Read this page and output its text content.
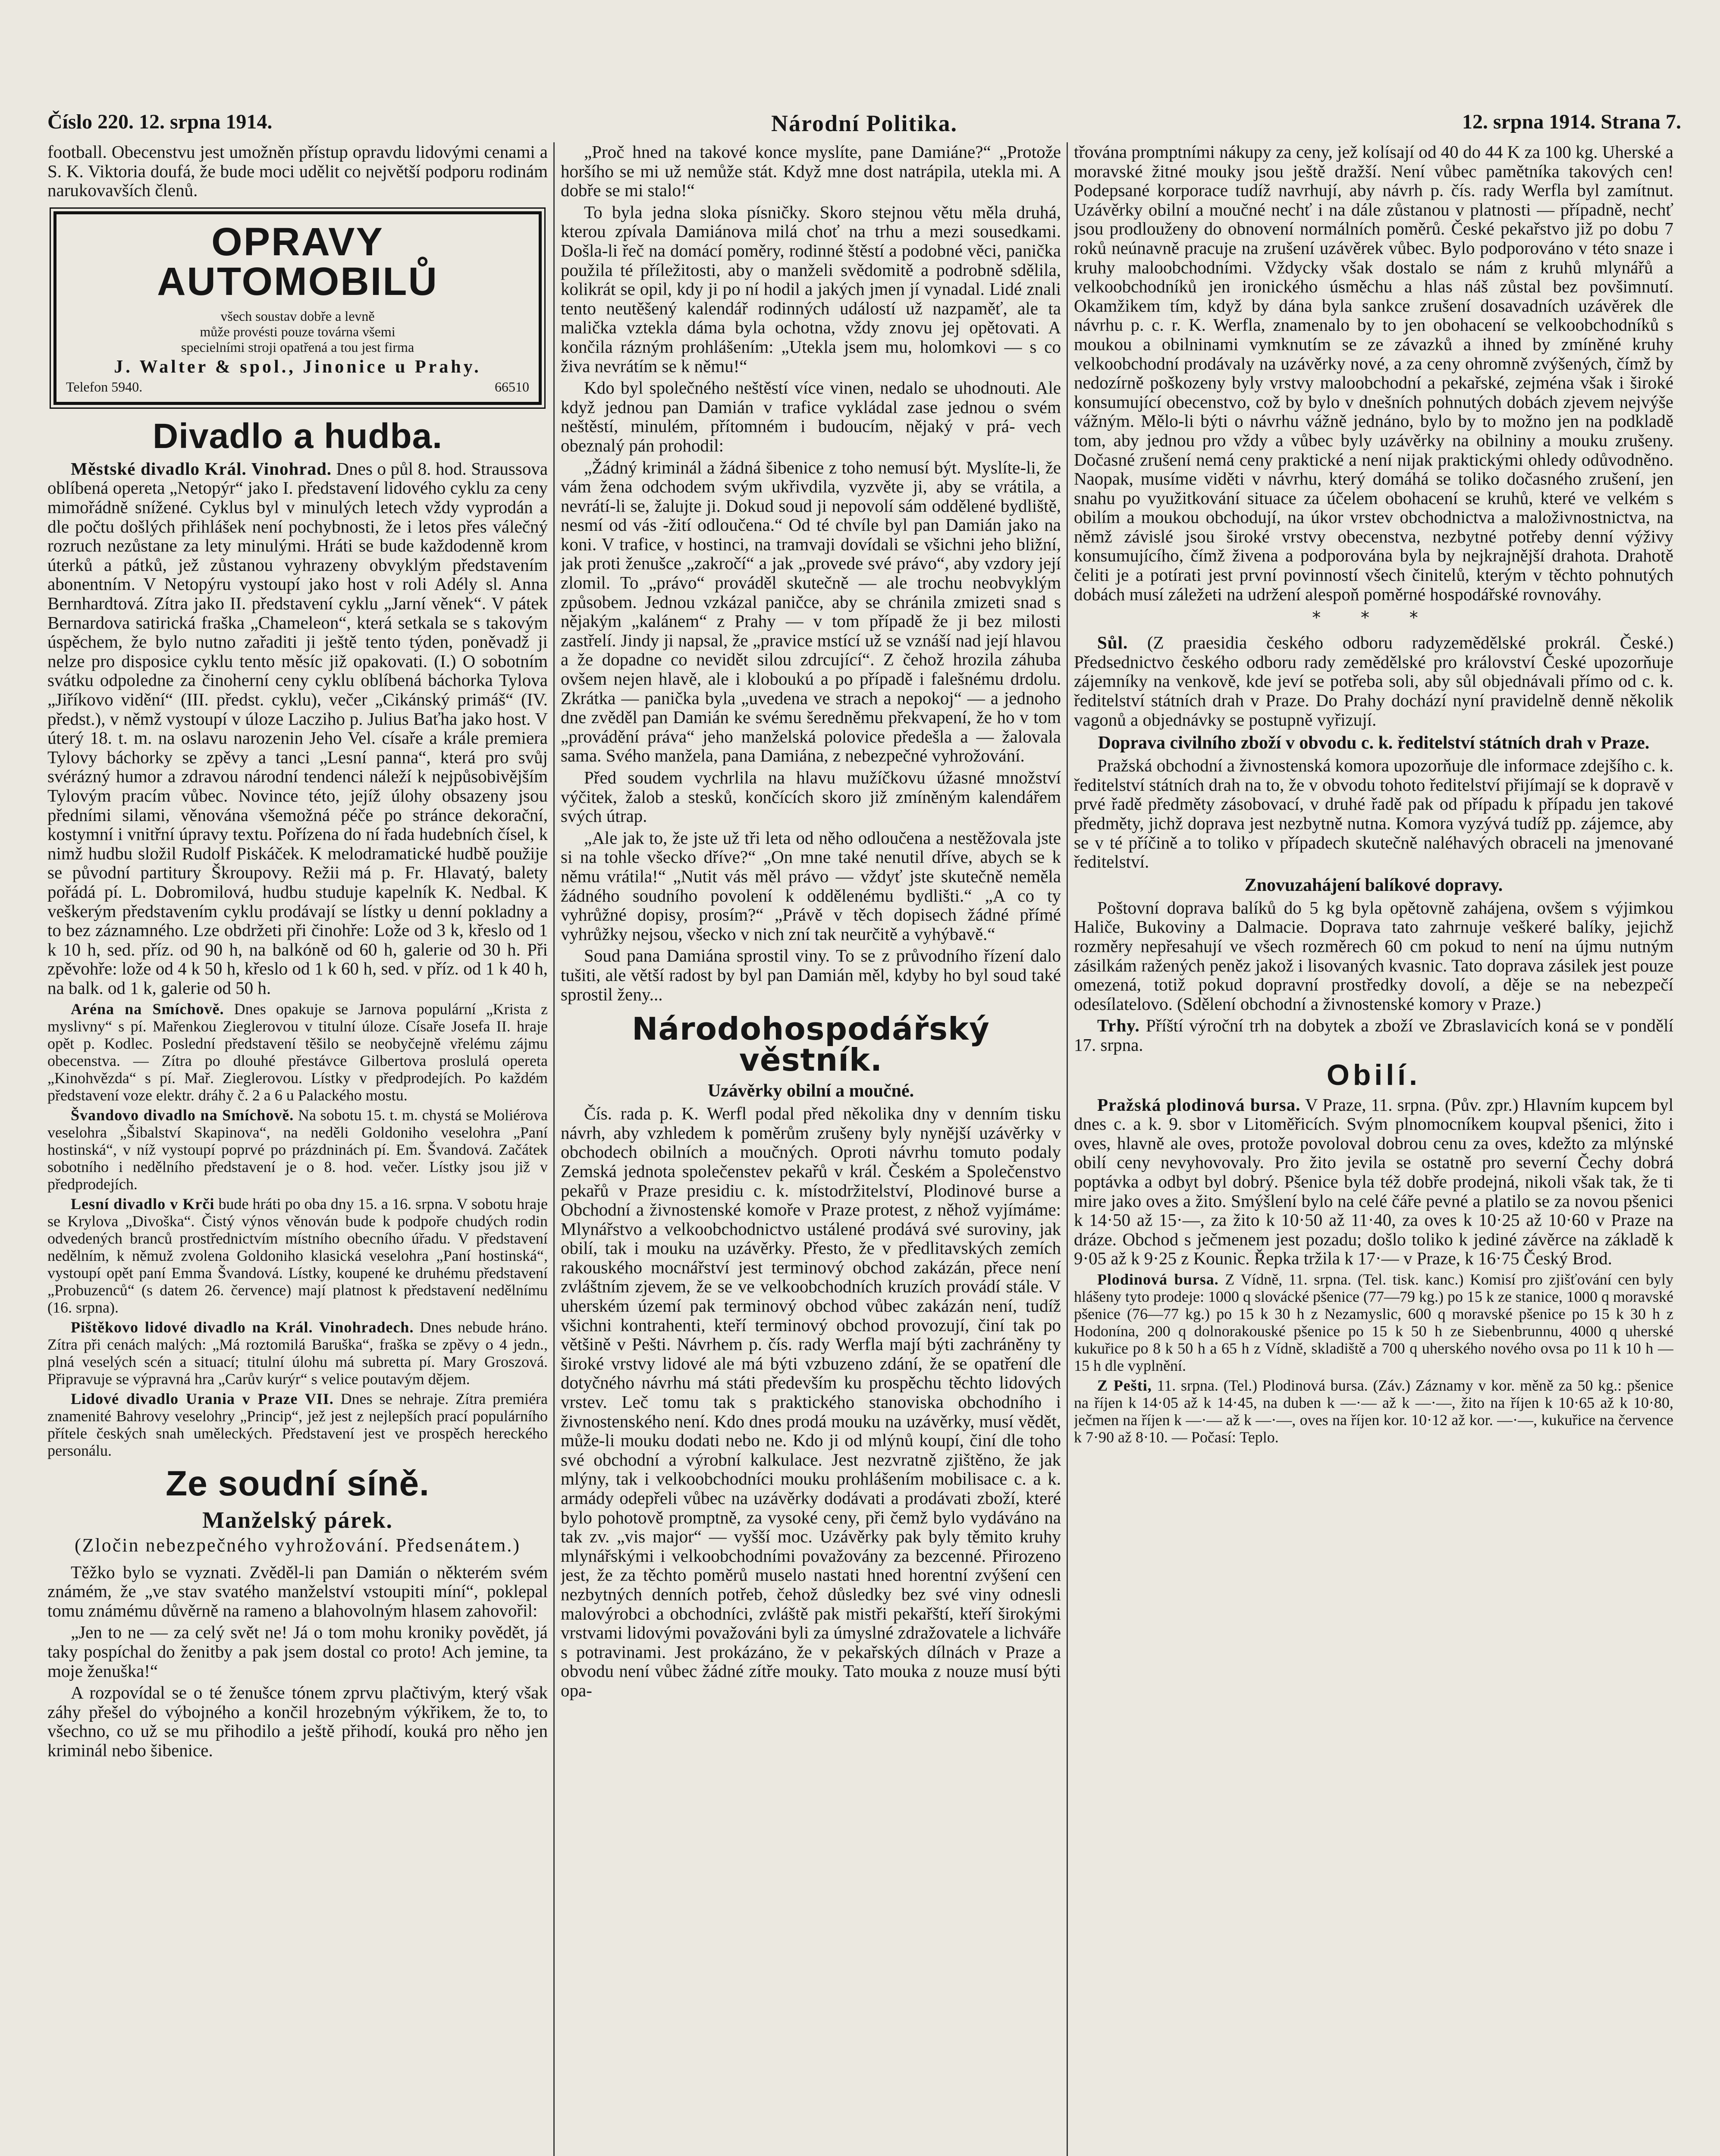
Číslo 220. 12. srpna 1914.	Národní Politika.	12. srpna 1914. Strana 7.

football. Obecenstvu jest umožněn přístup opravdu lidovými cenami a S. K. Viktoria doufá, že bude moci udělit co největší podporu rodinám narukovavších členů.

OPRAVY AUTOMOBILŮ
všech soustav dobře a levně
může provésti pouze továrna všemi
specielními stroji opatřená a tou jest firma
J. Walter & spol., Jinonice u Prahy.
Telefon 5940.	66510
Divadlo a hudba.

Městské divadlo Král. Vinohrad. Dnes o půl 8. hod. Straussova oblíbená opereta „Netopýr“ jako I. představení lidového cyklu za ceny mimořádně snížené. Cyklus byl v minulých letech vždy vyprodán a dle počtu došlých přihlášek není pochybnosti, že i letos přes válečný rozruch nezůstane za lety minulými. Hráti se bude každodenně krom úterků a pátků, jež zůstanou vyhrazeny obvyklým představením abonentním. V Netopýru vystoupí jako host v roli Adély sl. Anna Bernhardtová. Zítra jako II. představení cyklu „Jarní věnek“. V pátek Bernardova satirická fraška „Chameleon“, která setkala se s takovým úspěchem, že bylo nutno zařaditi ji ještě tento týden, poněvadž ji nelze pro disposice cyklu tento měsíc již opakovati. (I.) O sobotním svátku odpoledne za činoherní ceny cyklu oblíbená báchorka Tylova „Jiříkovo vidění“ (III. předst. cyklu), večer „Cikánský primáš“ (IV. předst.), v němž vystoupí v úloze Lacziho p. Julius Baťha jako host. V úterý 18. t. m. na oslavu narozenin Jeho Vel. císaře a krále premiera Tylovy báchorky se zpěvy a tanci „Lesní panna“, která pro svůj svérázný humor a zdravou národní tendenci náleží k nejpůsobivějším Tylovým pracím vůbec. Novince této, jejíž úlohy obsazeny jsou předními silami, věnována všemožná péče po stránce dekorační, kostymní i vnitřní úpravy textu. Pořízena do ní řada hudebních čísel, k nimž hudbu složil Rudolf Piskáček. K melodramatické hudbě použije se původní partitury Škroupovy. Režii má p. Fr. Hlavatý, balety pořádá pí. L. Dobromilová, hudbu studuje kapelník K. Nedbal. K veškerým představením cyklu prodávají se lístky u denní pokladny a to bez záznamného. Lze obdržeti při činohře: Lože od 3 k, křeslo od 1 k 10 h, sed. příz. od 90 h, na balkóně od 60 h, galerie od 30 h. Při zpěvohře: lože od 4 k 50 h, křeslo od 1 k 60 h, sed. v příz. od 1 k 40 h, na balk. od 1 k, galerie od 50 h.

Aréna na Smíchově. Dnes opakuje se Jarnova populární „Krista z myslivny“ s pí. Mařenkou Zieglerovou v titulní úloze. Císaře Josefa II. hraje opět p. Kodlec. Poslední představení těšilo se neobyčejně vřelému zájmu obecenstva. — Zítra po dlouhé přestávce Gilbertova proslulá opereta „Kinohvězda“ s pí. Mař. Zieglerovou. Lístky v předprodejích. Po každém představení voze elektr. dráhy č. 2 a 6 u Palackého mostu.

Švandovo divadlo na Smíchově. Na sobotu 15. t. m. chystá se Moliérova veselohra „Šibalství Skapinova“, na neděli Goldoniho veselohra „Paní hostinská“, v níž vystoupí poprvé po prázdninách pí. Em. Švandová. Začátek sobotního i nedělního představení je o 8. hod. večer. Lístky jsou již v předprodejích.

Lesní divadlo v Krči bude hráti po oba dny 15. a 16. srpna. V sobotu hraje se Krylova „Divoška“. Čistý výnos věnován bude k podpoře chudých rodin odvedených branců prostřednictvím místního obecního úřadu. V představení nedělním, k němuž zvolena Goldoniho klasická veselohra „Paní hostinská“, vystoupí opět paní Emma Švandová. Lístky, koupené ke druhému představení „Probuzenců“ (s datem 26. července) mají platnost k představení nedělnímu (16. srpna).

Pištěkovo lidové divadlo na Král. Vinohradech. Dnes nebude hráno. Zítra při cenách malých: „Má roztomilá Baruška“, fraška se zpěvy o 4 jedn., plná veselých scén a situací; titulní úlohu má subretta pí. Mary Groszová. Připravuje se výpravná hra „Carův kurýr“ s velice poutavým dějem.

Lidové divadlo Urania v Praze VII. Dnes se nehraje. Zítra premiéra znamenité Bahrovy veselohry „Princip“, jež jest z nejlepších prací populárního přítele českých snah uměleckých. Představení jest ve prospěch hereckého personálu.

Ze soudní síně.
Manželský párek.
(Zločin nebezpečného vyhrožování. Předsenátem.)

Těžko bylo se vyznati. Zvěděl-li pan Damián o některém svém známém, že „ve stav svatého manželství vstoupiti míní“, poklepal tomu známému důvěrně na rameno a blahovolným hlasem zahovořil:

„Jen to ne — za celý svět ne! Já o tom mohu kroniky povědět, já taky pospíchal do ženitby a pak jsem dostal co proto! Ach jemine, ta moje ženuška!“

A rozpovídal se o té ženušce tónem zprvu plačtivým, který však záhy přešel do výbojného a končil hrozebným výkřikem, že to, to všechno, co už se mu přihodilo a ještě přihodí, kouká pro něho jen kriminál nebo šibenice.

„Proč hned na takové konce myslíte, pane Damiáne?“ „Protože horšího se mi už nemůže stát. Když mne dost natrápila, utekla mi. A dobře se mi stalo!“

To byla jedna sloka písničky. Skoro stejnou větu měla druhá, kterou zpívala Damiánova milá choť na trhu a mezi sousedkami. Došla-li řeč na domácí poměry, rodinné štěstí a podobné věci, panička použila té příležitosti, aby o manželi svědomitě a podrobně sdělila, kolikrát se opil, kdy ji po ní hodil a jakých jmen jí vynadal. Lidé znali tento neutěšený kalendář rodinných událostí už nazpaměť, ale ta malička vztekla dáma byla ochotna, vždy znovu jej opětovati. A končila rázným prohlášením: „Utekla jsem mu, holomkovi — s co živa nevrátím se k němu!“

Kdo byl společného neštěstí více vinen, nedalo se uhodnouti. Ale když jednou pan Damián v trafice vykládal zase jednou o svém neštěstí, minulém, přítomném i budoucím, nějaký v prá- vech obeznalý pán prohodil:

„Žádný kriminál a žádná šibenice z toho nemusí být. Myslíte-li, že vám žena odchodem svým ukřivdila, vyzvěte ji, aby se vrátila, a nevrátí-li se, žalujte ji. Dokud soud ji nepovolí sám oddělené bydliště, nesmí od vás -žití odloučena.“ Od té chvíle byl pan Damián jako na koni. V trafice, v hostinci, na tramvaji dovídali se všichni jeho bližní, jak proti ženušce „zakročí“ a jak „provede své právo“, aby vzdory její zlomil. To „právo“ prováděl skutečně — ale trochu neobvyklým způsobem. Jednou vzkázal paničce, aby se chránila zmizeti snad s nějakým „kalánem“ z Prahy — v tom případě že ji bez milosti zastřelí. Jindy ji napsal, že „pravice mstící už se vznáší nad její hlavou a že dopadne co nevidět silou zdrcující“. Z čehož hrozila záhuba ovšem nejen hlavě, ale i kloboukú a po případě i falešnému drdolu. Zkrátka — panička byla „uvedena ve strach a nepokoj“ — a jednoho dne zvěděl pan Damián ke svému šeredněmu překvapení, že ho v tom „provádění práva“ jeho manželská polovice předešla a — žalovala sama. Svého manžela, pana Damiána, z nebezpečné vyhrožování.

Před soudem vychrlila na hlavu mužíčkovu úžasné množství výčitek, žalob a stesků, končících skoro již zmíněným kalendářem svých útrap.

„Ale jak to, že jste už tři leta od něho odloučena a nestěžovala jste si na tohle všecko dříve?“ „On mne také nenutil dříve, abych se k němu vrátila!“ „Nutit vás měl právo — vždyť jste skutečně neměla žádného soudního povolení k oddělenému bydlišti.“ „A co ty vyhrůžné dopisy, prosím?“ „Právě v těch dopisech žádné přímé vyhrůžky nejsou, všecko v nich zní tak neurčitě a vyhýbavě.“

Soud pana Damiána sprostil viny. To se z průvodního řízení dalo tušiti, ale větší radost by byl pan Damián měl, kdyby ho byl soud také sprostil ženy...

Národohospodářský věstník.
Uzávěrky obilní a moučné.

Čís. rada p. K. Werfl podal před několika dny v denním tisku návrh, aby vzhledem k poměrům zrušeny byly nynější uzávěrky v obchodech obilních a moučných. Oproti návrhu tomuto podaly Zemská jednota společenstev pekařů v král. Českém a Společenstvo pekařů v Praze presidiu c. k. místodržitelství, Plodinové burse a Obchodní a živnostenské komoře v Praze protest, z něhož vyjímáme: Mlynářstvo a velkoobchodnictvo ustálené prodává své suroviny, jak obilí, tak i mouku na uzávěrky. Přesto, že v předlitavských zemích rakouského mocnářství jest terminový obchod zakázán, přece není zvláštním zjevem, že se ve velkoobchodních kruzích provádí stále. V uherském území pak terminový obchod vůbec zakázán není, tudíž všichni kontrahenti, kteří terminový obchod provozují, činí tak po většině v Pešti. Návrhem p. čís. rady Werfla mají býti zachráněny ty široké vrstvy lidové ale má býti vzbuzeno zdání, že se opatření dle dotyčného návrhu má státi především ku prospěchu těchto lidových vrstev. Leč tomu tak s praktického stanoviska obchodního i živnostenského není. Kdo dnes prodá mouku na uzávěrky, musí vědět, může-li mouku dodati nebo ne. Kdo ji od mlýnů koupí, činí dle toho své obchodní a výrobní kalkulace. Jest nezvratně zjištěno, že jak mlýny, tak i velkoobchodníci mouku prohlášením mobilisace c. a k. armády odepřeli vůbec na uzávěrky dodávati a prodávati zboží, které bylo pohotově promptně, za vysoké ceny, při čemž bylo vydáváno na tak zv. „vis major“ — vyšší moc. Uzávěrky pak byly těmito kruhy mlynářskými i velkoobchodními považovány za bezcenné. Přirozeno jest, že za těchto poměrů muselo nastati hned horentní zvýšení cen nezbytných denních potřeb, čehož důsledky bez své viny odnesli malovýrobci a obchodníci, zvláště pak mistři pekařští, kteří širokými vrstvami lidovými považováni byli za úmyslné zdražovatele a lichváře s potravinami. Jest prokázáno, že v pekařských dílnách v Praze a obvodu není vůbec žádné zítře mouky. Tato mouka z nouze musí býti opa-

třována promptními nákupy za ceny, jež kolísají od 40 do 44 K za 100 kg. Uherské a moravské žitné mouky jsou ještě dražší. Není vůbec pamětníka takových cen! Podepsané korporace tudíž navrhují, aby návrh p. čís. rady Werfla byl zamítnut. Uzávěrky obilní a moučné nechť i na dále zůstanou v platnosti — případně, nechť jsou prodlouženy do obnovení normálních poměrů. České pekařstvo již po dobu 7 roků neúnavně pracuje na zrušení uzávěrek vůbec. Bylo podporováno v této snaze i kruhy maloobchodními. Vždycky však dostalo se nám z kruhů mlynářů a velkoobchodníků jen ironického úsměchu a hlas náš zůstal bez povšimnutí. Okamžikem tím, když by dána byla sankce zrušení dosavadních uzávěrek dle návrhu p. c. r. K. Werfla, znamenalo by to jen obohacení se velkoobchodníků s moukou a obilninami vymknutím se ze závazků a ihned by zmíněné kruhy velkoobchodní prodávaly na uzávěrky nové, a za ceny ohromně zvýšených, čímž by nedozírně poškozeny byly vrstvy maloobchodní a pekařské, zejména však i široké konsumující obecenstvo, což by bylo v dnešních pohnutých dobách zjevem nejvýše vážným. Mělo-li býti o návrhu vážně jednáno, bylo by to možno jen na podkladě tom, aby jednou pro vždy a vůbec byly uzávěrky na obilniny a mouku zrušeny. Dočasné zrušení nemá ceny praktické a není nijak praktickými ohledy odůvodněno. Naopak, musíme viděti v návrhu, který domáhá se toliko dočasného zrušení, jen snahu po využitkování situace za účelem obohacení se kruhů, které ve velkém s obilím a moukou obchodují, na úkor vrstev obchodnictva a maloživnostnictva, na němž závislé jsou široké vrstvy obecenstva, nezbytné potřeby denní výživy konsumujícího, čímž živena a podporována byla by nejkrajnější drahota. Drahotě čeliti je a potírati jest první povinností všech činitelů, kterým v těchto pohnutých dobách musí záležeti na udržení alespoň poměrné hospodářské rovnováhy.

* * *

Sůl. (Z praesidia českého odboru radyzemědělské prokrál. České.) Předsednictvo českého odboru rady zemědělské pro království České upozorňuje zájemníky na venkově, kde jeví se potřeba soli, aby sůl objednávali přímo od c. k. ředitelství státních drah v Praze. Do Prahy dochází nyní pravidelně denně několik vagonů a objednávky se postupně vyřizují.

Doprava civilního zboží v obvodu c. k. ředitelství státních drah v Praze.

Pražská obchodní a živnostenská komora upozorňuje dle informace zdejšího c. k. ředitelství státních drah na to, že v obvodu tohoto ředitelství přijímají se k dopravě v prvé řadě předměty zásobovací, v druhé řadě pak od případu k případu jen takové předměty, jichž doprava jest nezbytně nutna. Komora vyzývá tudíž pp. zájemce, aby se v té příčině a to toliko v případech skutečně naléhavých obraceli na jmenované ředitelství.

Znovuzahájení balíkové dopravy.

Poštovní doprava balíků do 5 kg byla opětovně zahájena, ovšem s výjimkou Haliče, Bukoviny a Dalmacie. Doprava tato zahrnuje veškeré balíky, jejichž rozměry nepřesahují ve všech rozměrech 60 cm pokud to není na újmu nutným zásilkám ražených peněz jakož i lisovaných kvasnic. Tato doprava zásilek jest pouze omezená, totiž pokud dopravní prostředky dovolí, a děje se na nebezpečí odesílatelovo. (Sdělení obchodní a živnostenské komory v Praze.)

Trhy. Příští výroční trh na dobytek a zboží ve Zbraslavicích koná se v pondělí 17. srpna.

Obilí.

Pražská plodinová bursa. V Praze, 11. srpna. (Pův. zpr.) Hlavním kupcem byl dnes c. a k. 9. sbor v Litoměřicích. Svým plnomocníkem koupval pšenici, žito i oves, hlavně ale oves, protože povoloval dobrou cenu za oves, kdežto za mlýnské obilí ceny nevyhovovaly. Pro žito jevila se ostatně pro severní Čechy dobrá poptávka a odbyt byl dobrý. Pšenice byla též dobře prodejná, nikoli však tak, že ti mire jako oves a žito. Smýšlení bylo na celé čáře pevné a platilo se za novou pšenici k 14·50 až 15·—, za žito k 10·50 až 11·40, za oves k 10·25 až 10·60 v Praze na dráze. Obchod s ječmenem jest pozadu; došlo toliko k jediné závěrce na základě k 9·05 až k 9·25 z Kounic. Řepka tržila k 17·— v Praze, k 16·75 Český Brod.

Plodinová bursa. Z Vídně, 11. srpna. (Tel. tisk. kanc.) Komisí pro zjišťování cen byly hlášeny tyto prodeje: 1000 q slovácké pšenice (77—79 kg.) po 15 k ze stanice, 1000 q moravské pšenice (76—77 kg.) po 15 k 30 h z Nezamyslic, 600 q moravské pšenice po 15 k 30 h z Hodonína, 200 q dolnorakouské pšenice po 15 k 50 h ze Siebenbrunnu, 4000 q uherské kukuřice po 8 k 50 h a 65 h z Vídně, skladiště a 700 q uherského nového ovsa po 11 k 10 h — 15 h dle vyplnění.

Z Pešti, 11. srpna. (Tel.) Plodinová bursa. (Záv.) Záznamy v kor. měně za 50 kg.: pšenice na říjen k 14·05 až k 14·45, na duben k —·— až k —·—, žito na říjen k 10·65 až k 10·80, ječmen na říjen k —·— až k —·—, oves na říjen kor. 10·12 až kor. —·—, kukuřice na července k 7·90 až 8·10. — Počasí: Teplo.
